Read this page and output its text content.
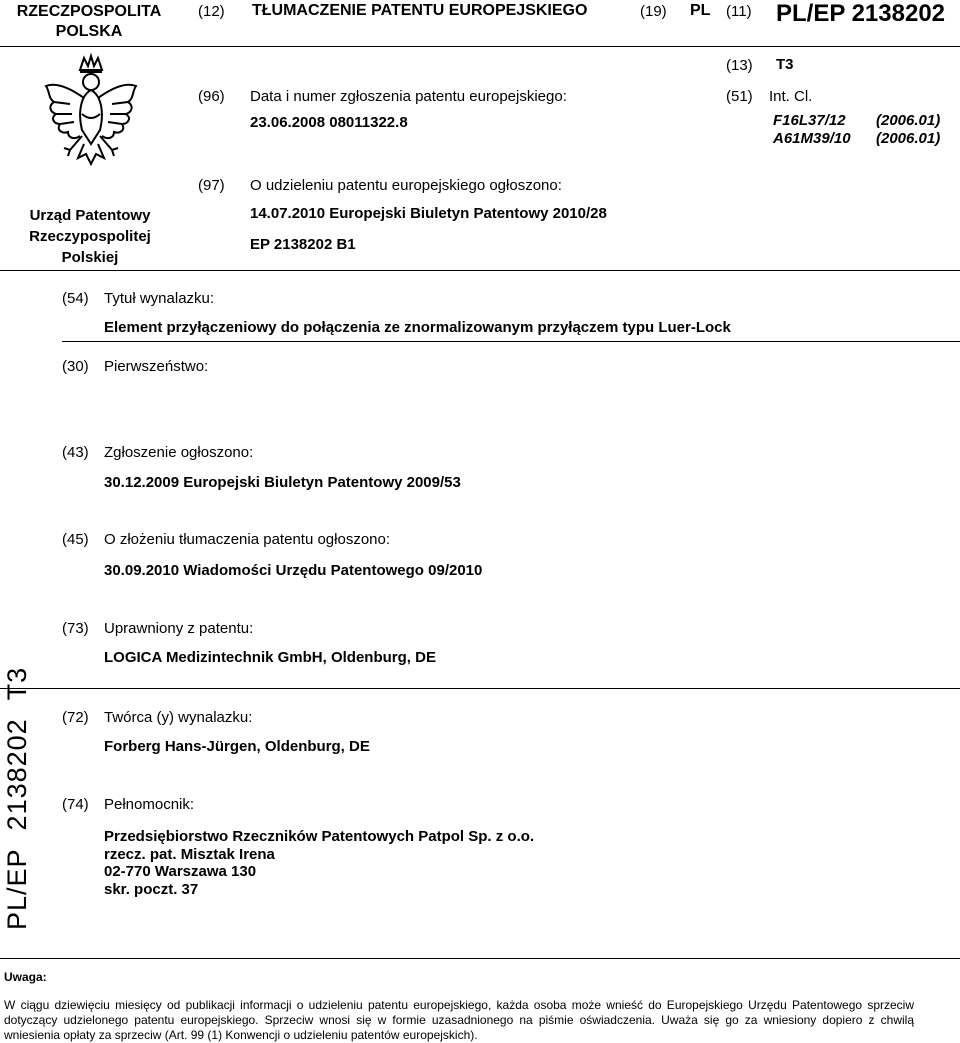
RZECZPOSPOLITA POLSKA
(12) TŁUMACZENIE PATENTU EUROPEJSKIEGO	(19) PL (11) PL/EP 2138202
Urząd Patentowy
Rzeczypospolitej
Polskiej
(13) T3
(96) Data i numer zgłoszenia patentu europejskiego:
23.06.2008 08011322.8
(51) Int. Cl.
F16L37/12 (2006.01)
A61M39/10 (2006.01)
(97) O udzieleniu patentu europejskiego ogłoszono:
14.07.2010 Europejski Biuletyn Patentowy 2010/28
EP 2138202 B1
(54) Tytuł wynalazku:
Element przyłączeniowy do połączenia ze znormalizowanym przyłączem typu Luer-Lock
(30) Pierwszeństwo:
(43) Zgłoszenie ogłoszono:
30.12.2009 Europejski Biuletyn Patentowy 2009/53
(45) O złożeniu tłumaczenia patentu ogłoszono:
30.09.2010 Wiadomości Urzędu Patentowego 09/2010
(73) Uprawniony z patentu:
LOGICA Medizintechnik GmbH, Oldenburg, DE
PL/EP2138202T3
(72) Twórca (y) wynalazku:
Forberg Hans-Jürgen, Oldenburg, DE
(74) Pełnomocnik:
Przedsiębiorstwo Rzeczników Patentowych Patpol Sp. z o.o.
rzecz. pat. Misztak Irena
02-770 Warszawa 130
skr. poczt. 37
Uwaga:
W ciągu dziewięciu miesięcy od publikacji informacji o udzieleniu patentu europejskiego, każda osoba może wnieść do Europejskiego Urzędu Patentowego sprzeciw dotyczący udzielonego patentu europejskiego. Sprzeciw wnosi się w formie uzasadnionego na piśmie oświadczenia. Uważa się go za wniesiony dopiero z chwilą wniesienia opłaty za sprzeciw (Art. 99 (1) Konwencji o udzieleniu patentów europejskich).
